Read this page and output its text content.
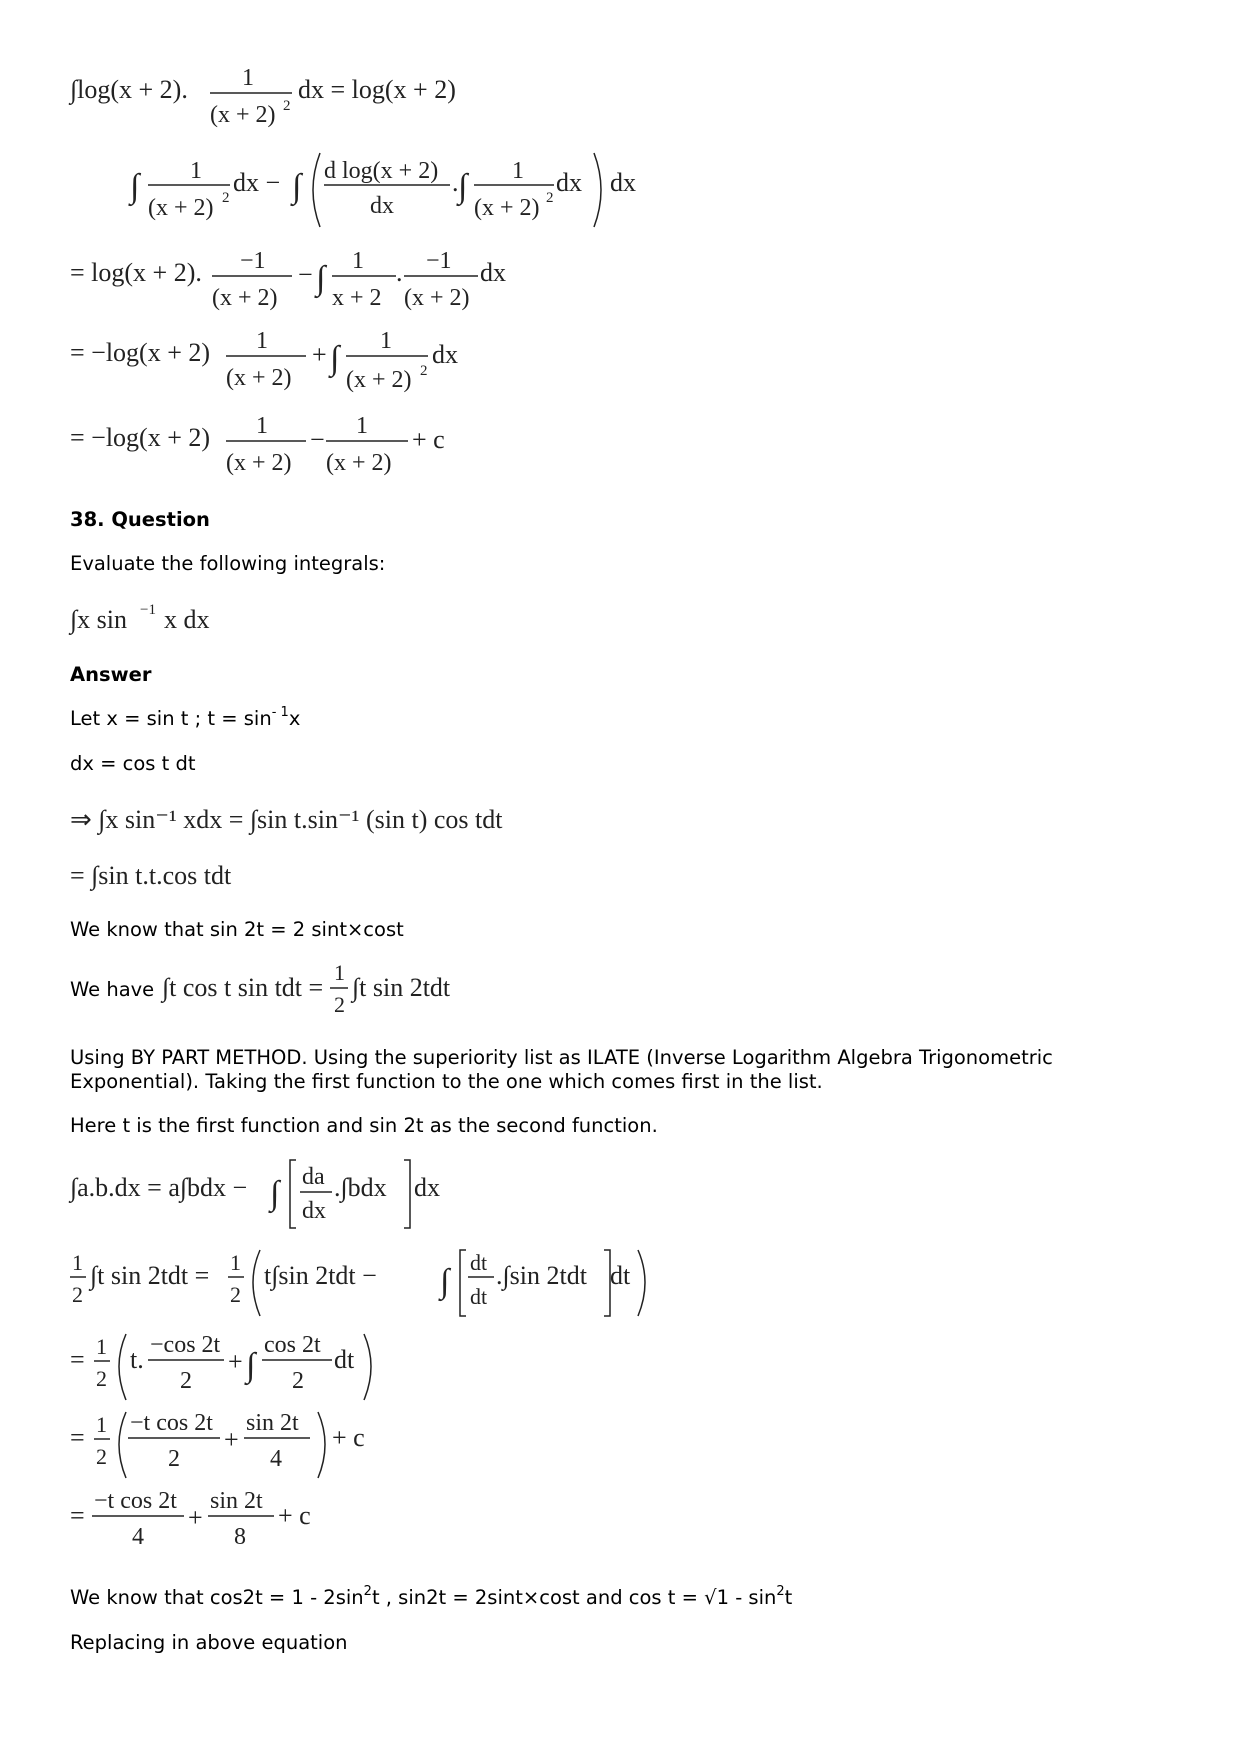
∫log(x + 2). 1
(x + 2) 2
dx = log(x + 2)
∫ 1
(x + 2) 2
dx − ∫ d log(x + 2)
dx
. ∫ 1
(x + 2) 2
dx dx
= log(x + 2). −1
(x + 2)
− ∫ 1
x + 2
. −1
(x + 2)
dx
= −log(x + 2) 1
(x + 2)
+ ∫ 1
(x + 2) 2
dx
= −log(x + 2) 1
(x + 2)
− 1
(x + 2)
+ c
38. Question
Evaluate the following integrals:
∫x sin −1 x dx
Answer
Let x = sin t ; $t = \sin^{- 1}x$
dx = cos t dt
⇒ ∫x sin⁻¹ xdx = ∫sin t.sin⁻¹ (sin t) cos tdt
= ∫sin t.t.cos tdt
We know that sin 2t = 2 sint×cost
We have ∫t cos t sin tdt =
1
2
∫t sin 2tdt
Using BY PART METHOD. Using the superiority list as ILATE (Inverse Logarithm Algebra Trigonometric Exponential). Taking the first function to the one which comes first in the list.
Here t is the first function and sin 2t as the second function.
∫a.b.dx = a∫bdx − ∫ da
dx
.∫bdx dx
1
2
∫t sin 2tdt = 1
2
t∫sin 2tdt − ∫
dt
dt
.∫sin 2tdt dt
= 1
2
t. −cos 2t
2
+ ∫
cos 2t
2
dt
= 1
2
−t cos 2t
2
+
sin 2t
4
+ c
= −t cos 2t
4
+
sin 2t
8
+ c
We know that $\cos 2t = 1 - 2\sin^2t$ , sin2t = 2sint×cost and $\cos t = √1 - \sin^2t$
Replacing in above equation
